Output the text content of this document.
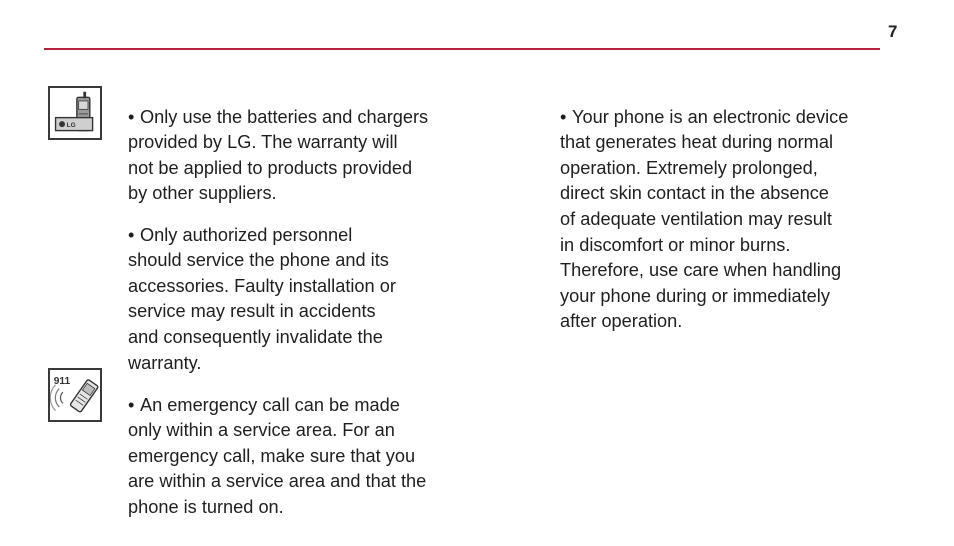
7
LG
911

• Only use the batteries and chargers
provided by LG. The warranty will
not be applied to products provided
by other suppliers.

• Only authorized personnel
should service the phone and its
accessories. Faulty installation or
service may result in accidents
and consequently invalidate the
warranty.

• An emergency call can be made
only within a service area. For an
emergency call, make sure that you
are within a service area and that the
phone is turned on.

• Your phone is an electronic device
that generates heat during normal
operation. Extremely prolonged,
direct skin contact in the absence
of adequate ventilation may result
in discomfort or minor burns.
Therefore, use care when handling
your phone during or immediately
after operation.
